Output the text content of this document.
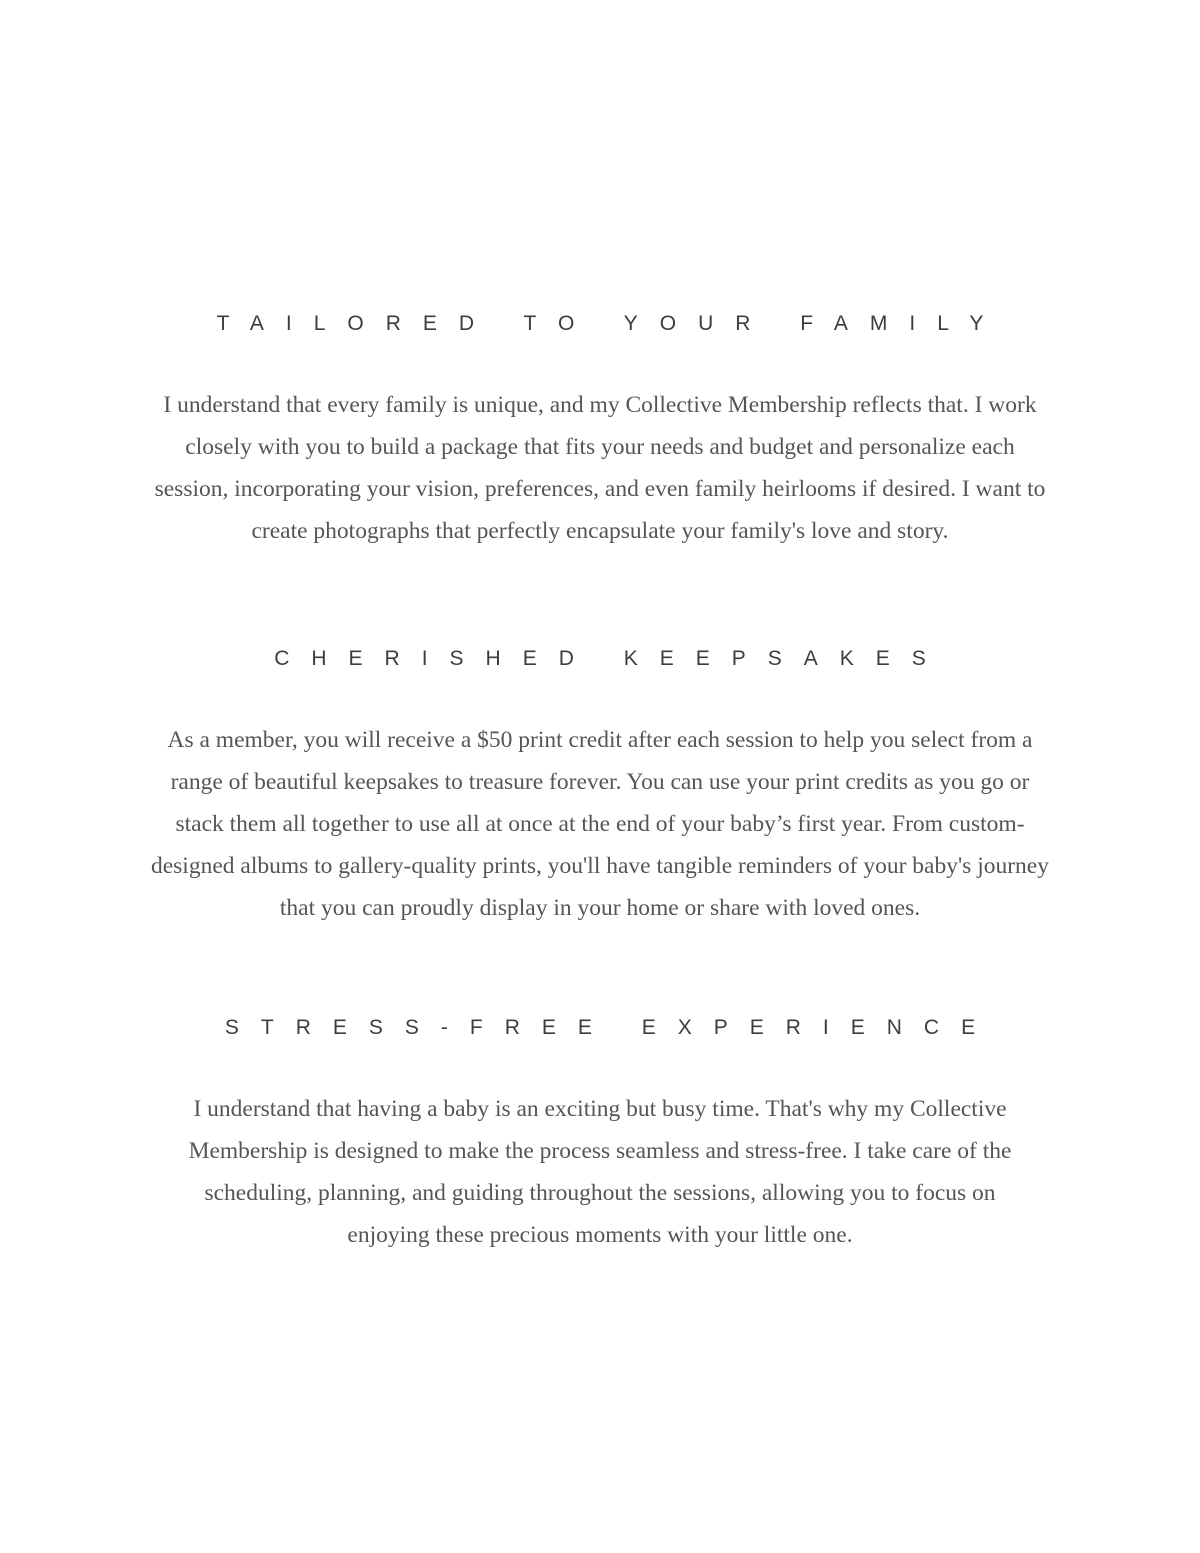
TAILORED TO YOUR FAMILY

I understand that every family is unique, and my Collective Membership reflects that. I work closely with you to build a package that fits your needs and budget and personalize each session, incorporating your vision, preferences, and even family heirlooms if desired. I want to create photographs that perfectly encapsulate your family's love and story.

CHERISHED KEEPSAKES

As a member, you will receive a $50 print credit after each session to help you select from a range of beautiful keepsakes to treasure forever. You can use your print credits as you go or stack them all together to use all at once at the end of your baby’s first year. From custom-designed albums to gallery-quality prints, you'll have tangible reminders of your baby's journey that you can proudly display in your home or share with loved ones.

STRESS-FREE EXPERIENCE

I understand that having a baby is an exciting but busy time. That's why my Collective Membership is designed to make the process seamless and stress-free. I take care of the scheduling, planning, and guiding throughout the sessions, allowing you to focus on enjoying these precious moments with your little one.
